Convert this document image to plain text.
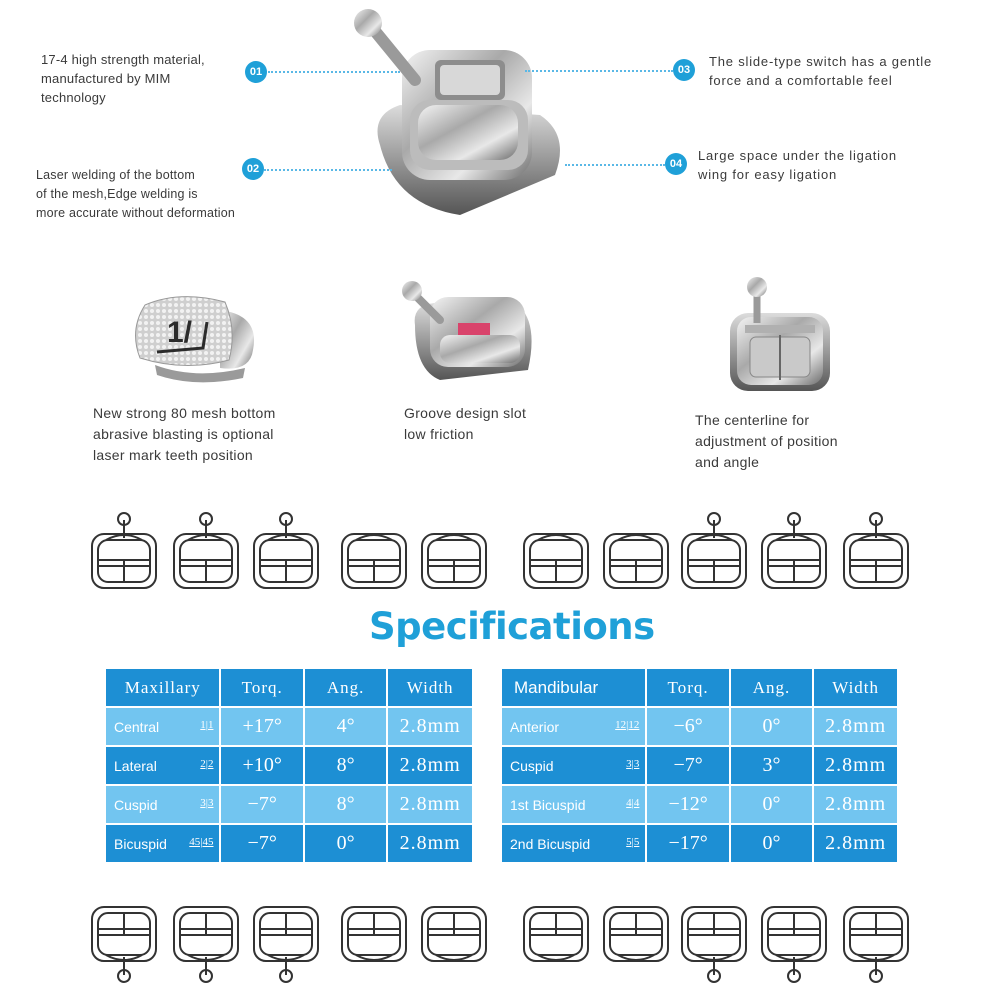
17-4 high strength material,
manufactured by MIM
technology
01
Laser welding of the bottom
of the mesh,Edge welding is
more accurate without deformation
02
03
The slide-type switch has a gentle
force and a comfortable feel
04
Large space under the ligation
wing for easy ligation
1/
New strong 80 mesh bottom
abrasive blasting is optional
laser mark teeth position
Groove design slot
low friction
The centerline for
adjustment of position
and angle
Specifications
Maxillary	Torq.	Ang.	Width
Central 1|1	+17°	4°	2.8mm
Lateral 2|2	+10°	8°	2.8mm
Cuspid 3|3	−7°	8°	2.8mm
Bicuspid 45|45	−7°	0°	2.8mm
Mandibular	Torq.	Ang.	Width
Anterior 12|12	−6°	0°	2.8mm
Cuspid 3|3	−7°	3°	2.8mm
1st Bicuspid 4|4	−12°	0°	2.8mm
2nd Bicuspid 5|5	−17°	0°	2.8mm
